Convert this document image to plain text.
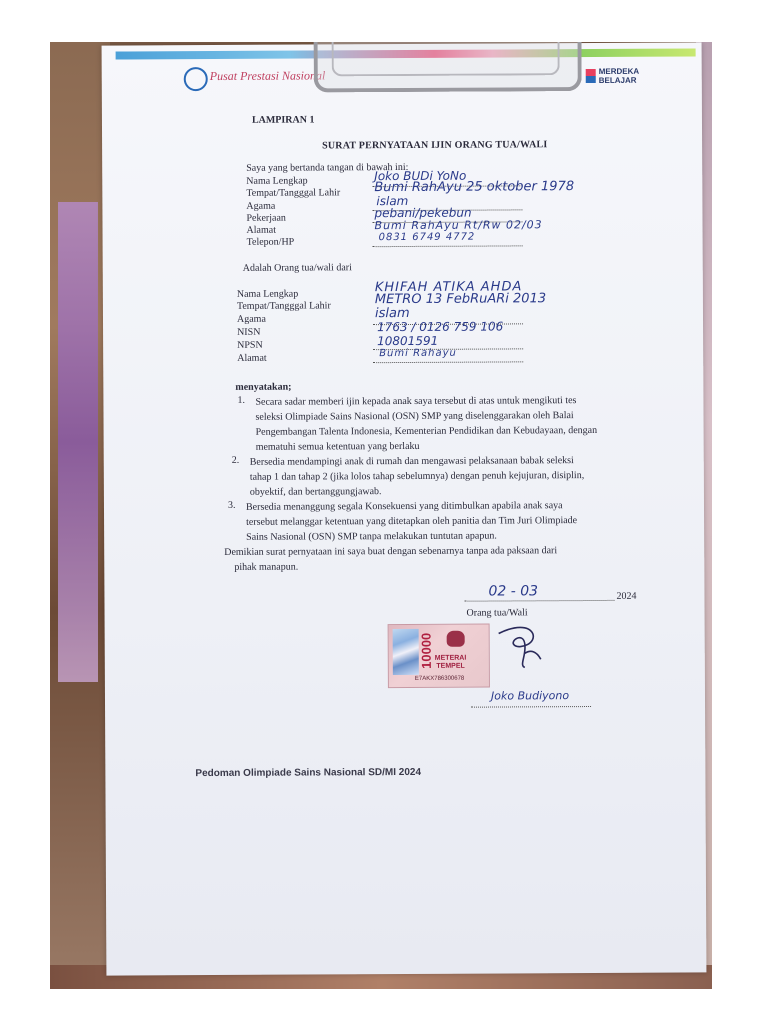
Pusat Prestasi Nasional	MERDEKA BELAJAR
LAMPIRAN 1
SURAT PERNYATAAN IJIN ORANG TUA/WALI
Saya yang bertanda tangan di bawah ini:
Nama Lengkap	Joko BUDi YoNo
Tempat/Tangggal Lahir	Bumi RahAyu 25 oktober 1978
Agama	islam
Pekerjaan	pebani/pekebun
Alamat	Bumi RahAyu Rt/Rw 02/03
Telepon/HP	0831 6749 4772
Adalah Orang tua/wali dari
Nama Lengkap	KHIFAH ATIKA AHDA
Tempat/Tangggal Lahir	METRO 13 FebRuARi 2013
Agama	islam
NISN	1763 / 0126 759 106
NPSN	10801591
Alamat	Bumi Rahayu
menyatakan;
1. Secara sadar memberi ijin kepada anak saya tersebut di atas untuk mengikuti tes
seleksi Olimpiade Sains Nasional (OSN) SMP yang diselenggarakan oleh Balai
Pengembangan Talenta Indonesia, Kementerian Pendidikan dan Kebudayaan, dengan
mematuhi semua ketentuan yang berlaku
2. Bersedia mendampingi anak di rumah dan mengawasi pelaksanaan babak seleksi
tahap 1 dan tahap 2 (jika lolos tahap sebelumnya) dengan penuh kejujuran, disiplin,
obyektif, dan bertanggungjawab.
3. Bersedia menanggung segala Konsekuensi yang ditimbulkan apabila anak saya
tersebut melanggar ketentuan yang ditetapkan oleh panitia dan Tim Juri Olimpiade
Sains Nasional (OSN) SMP tanpa melakukan tuntutan apapun.
Demikian surat pernyataan ini saya buat dengan sebenarnya tanpa ada paksaan dari
pihak manapun.
02 - 03	2024
Orang tua/Wali
10000 METERAI
TEMPEL
E7AKX786300678
Joko Budiyono
Pedoman Olimpiade Sains Nasional SD/MI 2024
